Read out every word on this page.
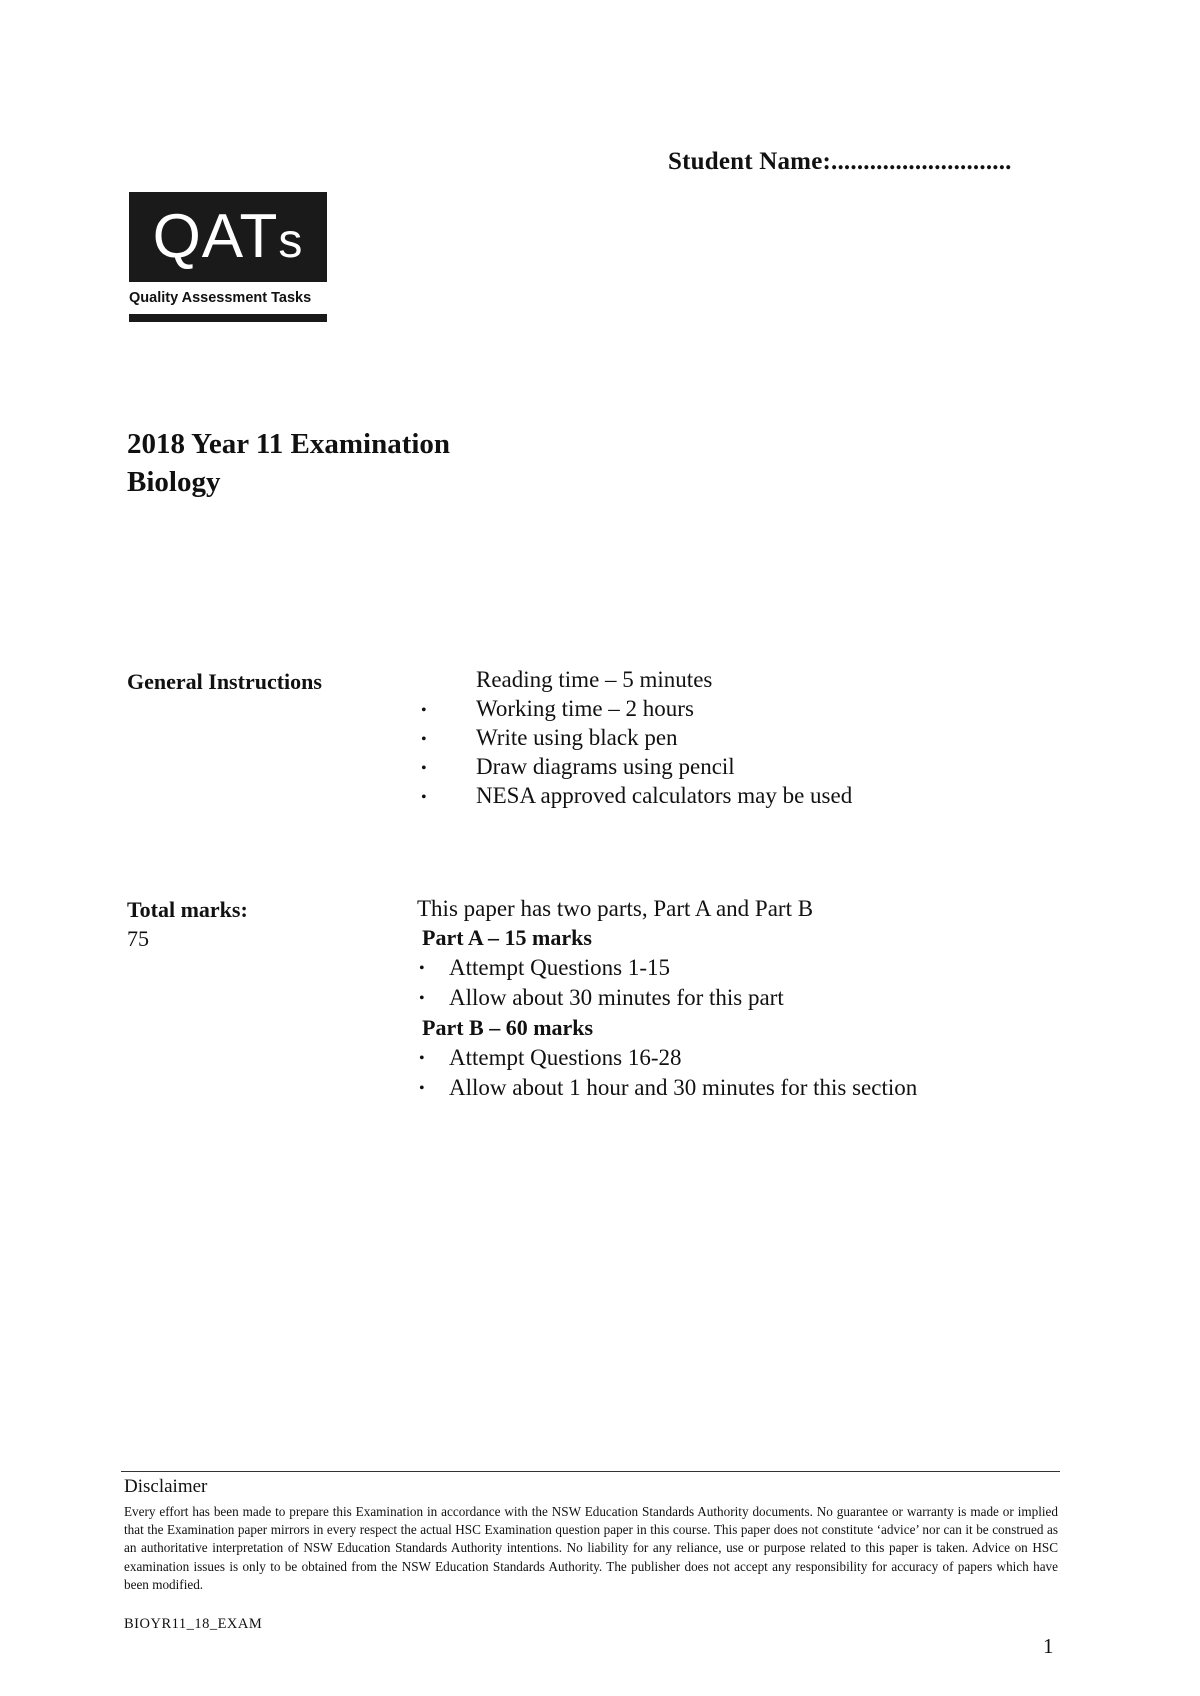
Student Name:............................
QATs
Quality Assessment Tasks
2018 Year 11 Examination
Biology
General Instructions	Reading time – 5 minutes
• Working time – 2 hours
• Write using black pen
• Draw diagrams using pencil
• NESA approved calculators may be used
Total marks:
75
This paper has two parts, Part A and Part B
Part A – 15 marks
• Attempt Questions 1-15
• Allow about 30 minutes for this part
Part B – 60 marks
• Attempt Questions 16-28
• Allow about 1 hour and 30 minutes for this section
Disclaimer
Every effort has been made to prepare this Examination in accordance with the NSW Education Standards Authority documents. No guarantee or warranty is made or implied that the Examination paper mirrors in every respect the actual HSC Examination question paper in this course. This paper does not constitute ‘advice’ nor can it be construed as an authoritative interpretation of NSW Education Standards Authority intentions. No liability for any reliance, use or purpose related to this paper is taken. Advice on HSC examination issues is only to be obtained from the NSW Education Standards Authority. The publisher does not accept any responsibility for accuracy of papers which have been modified.
BIOYR11_18_EXAM
1
